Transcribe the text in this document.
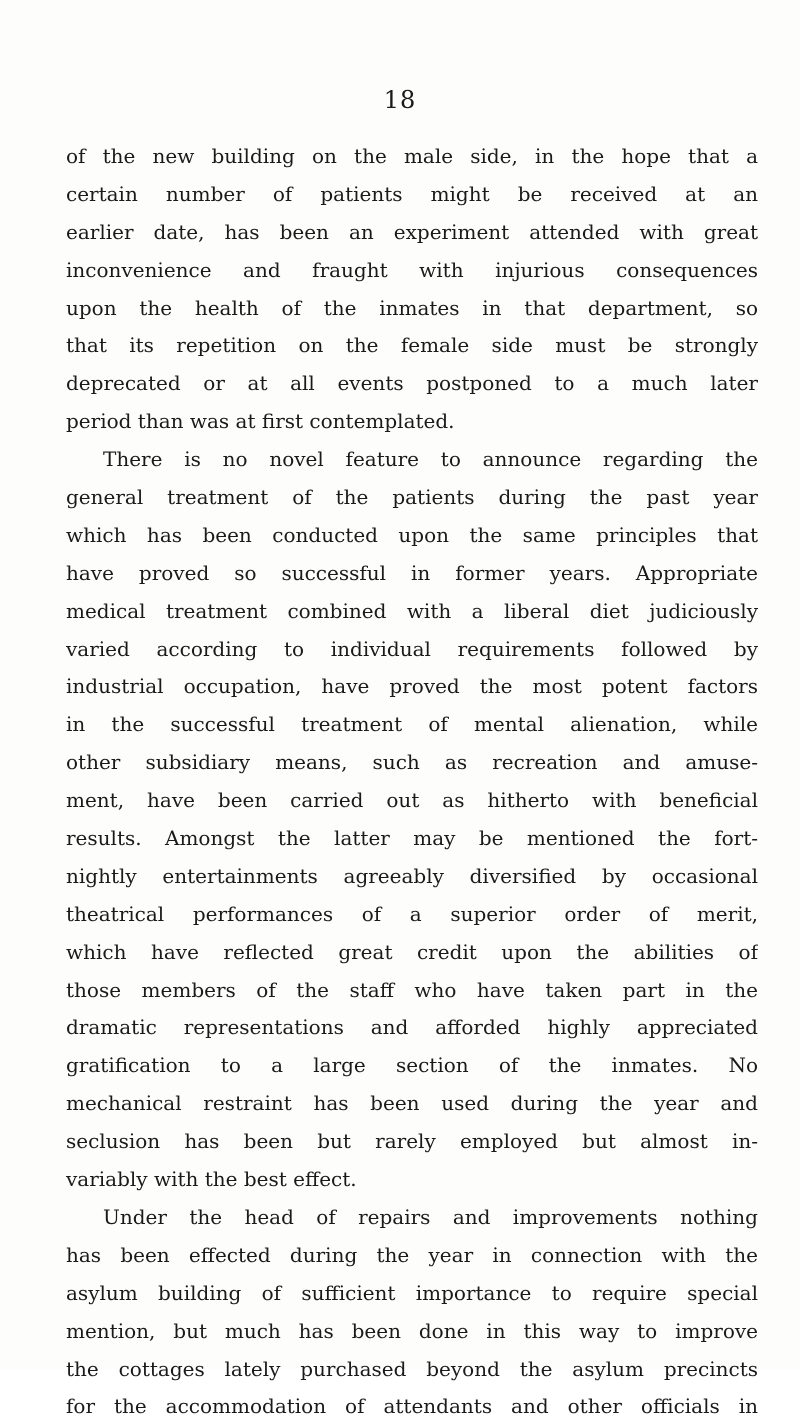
18
of the new building on the male side, in the hope that a
certain number of patients might be received at an
earlier date, has been an experiment attended with great
inconvenience and fraught with injurious consequences
upon the health of the inmates in that department, so
that its repetition on the female side must be strongly
deprecated or at all events postponed to a much later
period than was at first contemplated.
There is no novel feature to announce regarding the
general treatment of the patients during the past year
which has been conducted upon the same principles that
have proved so successful in former years. Appropriate
medical treatment combined with a liberal diet judiciously
varied according to individual requirements followed by
industrial occupation, have proved the most potent factors
in the successful treatment of mental alienation, while
other subsidiary means, such as recreation and amuse-
ment, have been carried out as hitherto with beneficial
results. Amongst the latter may be mentioned the fort-
nightly entertainments agreeably diversified by occasional
theatrical performances of a superior order of merit,
which have reflected great credit upon the abilities of
those members of the staff who have taken part in the
dramatic representations and afforded highly appreciated
gratification to a large section of the inmates. No
mechanical restraint has been used during the year and
seclusion has been but rarely employed but almost in-
variably with the best effect.
Under the head of repairs and improvements nothing
has been effected during the year in connection with the
asylum building of sufficient importance to require special
mention, but much has been done in this way to improve
the cottages lately purchased beyond the asylum precincts
for the accommodation of attendants and other officials in
